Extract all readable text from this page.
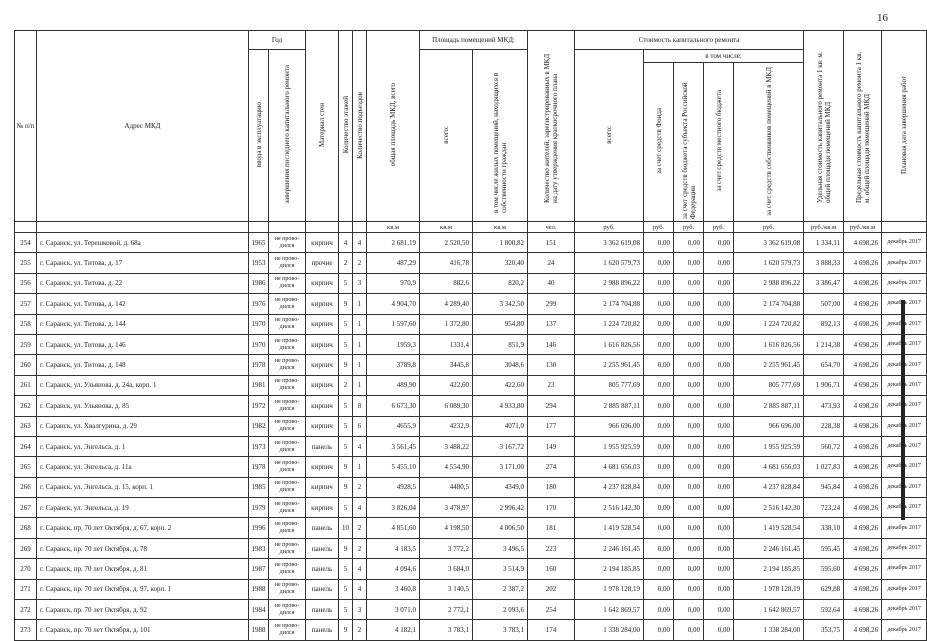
16
№ п/п	Адрес МКД	Год		Материал стен	Количество этажей	Количество подъездов	общая площадь МКД, всего	Площадь помещений МКД:		Количество жителей, зарегистрированных в МКД на дату утверждения краткосрочного плана	Стоимость капитального ремонта					Удельная стоимость капитального ремонта 1 кв. м. общей площади помещений МКД	Предельная стоимость капитального ремонта 1 кв. м. общей площади помещений МКД	Плановая дата завершения работ
		ввода в эксплуатацию	завершения последнего капитального ремонта					всего:	в том числе жилых помещений, находящихся в собственности граждан		всего:	в том числе:						
												за счет средств Фонда	за счет средств бюджета субъекта Российской Федерации	за счет средств местного бюджета	за счет средств собственников помещений в МКД			
							кв.м	кв.м	кв.м	чел.	руб.	руб.	руб.	руб.	руб.	руб./кв.м	руб./кв.м	
254	г. Саранск, ул. Терешковой, д. 68а	1965	не прово-дился	кирпич	4	4	2 681,19	2 520,50	1 800,82	151	3 362 619,08	0,00	0,00	0,00	3 362 619,08	1 334,11	4 698,26	декабрь 2017
255	г. Саранск, ул. Титова, д. 17	1953	не прово-дился	прочие	2	2	487,29	416,78	320,40	24	1 620 579,73	0,00	0,00	0,00	1 620 579,73	3 888,33	4 698,26	декабрь 2017
256	г. Саранск, ул. Титова, д. 22	1986	не прово-дился	кирпич	5	3	970,9	882,6	820,2	40	2 988 896,22	0,00	0,00	0,00	2 988 896,22	3 386,47	4 698,26	декабрь 2017
257	г. Саранск, ул. Титова, д. 142	1976	не прово-дился	кирпич	9	1	4 904,70	4 289,40	3 342,50	299	2 174 704,88	0,00	0,00	0,00	2 174 704,88	507,00	4 698,26	декабрь 2017
258	г. Саранск, ул. Титова, д. 144	1970	не прово-дился	кирпич	5	1	1 597,60	1 372,80	954,80	137	1 224 720,82	0,00	0,00	0,00	1 224 720,82	892,13	4 698,26	декабрь 2017
259	г. Саранск, ул. Титова, д. 146	1970	не прово-дился	кирпич	5	1	1959,3	1331,4	851,9	146	1 616 826,56	0,00	0,00	0,00	1 616 826,56	1 214,38	4 698,26	декабрь 2017
260	г. Саранск, ул. Титова, д. 148	1978	не прово-дился	кирпич	9	1	3789,8	3445,8	3048,6	130	2 255 961,45	0,00	0,00	0,00	2 255 961,45	654,70	4 698,26	декабрь 2017
261	г. Саранск, ул. Ульянова, д. 24а, корп. 1	1981	не прово-дился	кирпич	2	1	489,90	422,60	422,60	23	805 777,69	0,00	0,00	0,00	805 777,69	1 906,71	4 698,26	декабрь 2017
262	г. Саранск, ул. Ульянова, д. 85	1972	не прово-дился	кирпич	5	8	6 673,30	6 089,30	4 933,80	294	2 885 887,11	0,00	0,00	0,00	2 885 887,11	473,93	4 698,26	декабрь 2017
263	г. Саранск, ул. Хвалгурина, д. 29	1982	не прово-дился	кирпич	5	6	4655,9	4232,9	4071,0	177	966 696,00	0,00	0,00	0,00	966 696,00	228,38	4 698,26	декабрь 2017
264	г. Саранск, ул. Энгельса, д. 1	1973	не прово-дился	панель	5	4	3 561,45	3 488,22	3 167,72	149	1 955 925,59	0,00	0,00	0,00	1 955 925,59	560,72	4 698,26	декабрь 2017
265	г. Саранск, ул. Энгельса, д. 11а	1978	не прово-дился	кирпич	9	1	5 455,10	4 554,90	3 171,00	274	4 681 656,03	0,00	0,00	0,00	4 681 656,03	1 027,83	4 698,26	декабрь 2017
266	г. Саранск, ул. Энгельса, д. 15, корп. 1	1985	не прово-дился	кирпич	9	2	4928,5	4480,5	4349,0	180	4 237 828,84	0,00	0,00	0,00	4 237 828,84	945,84	4 698,26	декабрь 2017
267	г. Саранск, ул. Энгельса, д. 19	1979	не прово-дился	кирпич	5	4	3 826,04	3 478,97	2 996,42	170	2 516 142,30	0,00	0,00	0,00	2 516 142,30	723,24	4 698,26	декабрь 2017
268	г. Саранск, пр. 70 лет Октября, д. 67, корп. 2	1996	не прово-дился	панель	10	2	4 851,60	4 198,50	4 006,50	181	1 419 528,54	0,00	0,00	0,00	1 419 528,54	338,10	4 698,26	декабрь 2017
269	г. Саранск, пр. 70 лет Октября, д. 78	1983	не прово-дился	панель	9	2	4 183,5	3 772,2	3 496,5	223	2 246 161,45	0,00	0,00	0,00	2 246 161,45	595,45	4 698,26	декабрь 2017
270	г. Саранск, пр. 70 лет Октября, д. 81	1987	не прово-дился	панель	5	4	4 094,6	3 684,0	3 514,9	160	2 194 185,85	0,00	0,00	0,00	2 194 185,85	595,60	4 698,26	декабрь 2017
271	г. Саранск, пр. 70 лет Октября, д. 97, корп. 1	1988	не прово-дился	панель	5	4	3 460,8	3 140,5	2 387,2	202	1 978 128,19	0,00	0,00	0,00	1 978 128,19	629,88	4 698,26	декабрь 2017
272	г. Саранск, пр. 70 лет Октября, д. 92	1984	не прово-дился	панель	5	3	3 071,0	2 772,1	2 093,6	254	1 642 869,57	0,00	0,00	0,00	1 642 869,57	592,64	4 698,26	декабрь 2017
273	г. Саранск, пр. 70 лет Октября, д. 101	1988	не прово-дился	панель	9	2	4 182,1	3 783,1	3 783,1	174	1 338 284,00	0,00	0,00	0,00	1 338 284,00	353,75	4 698,26	декабрь 2017
